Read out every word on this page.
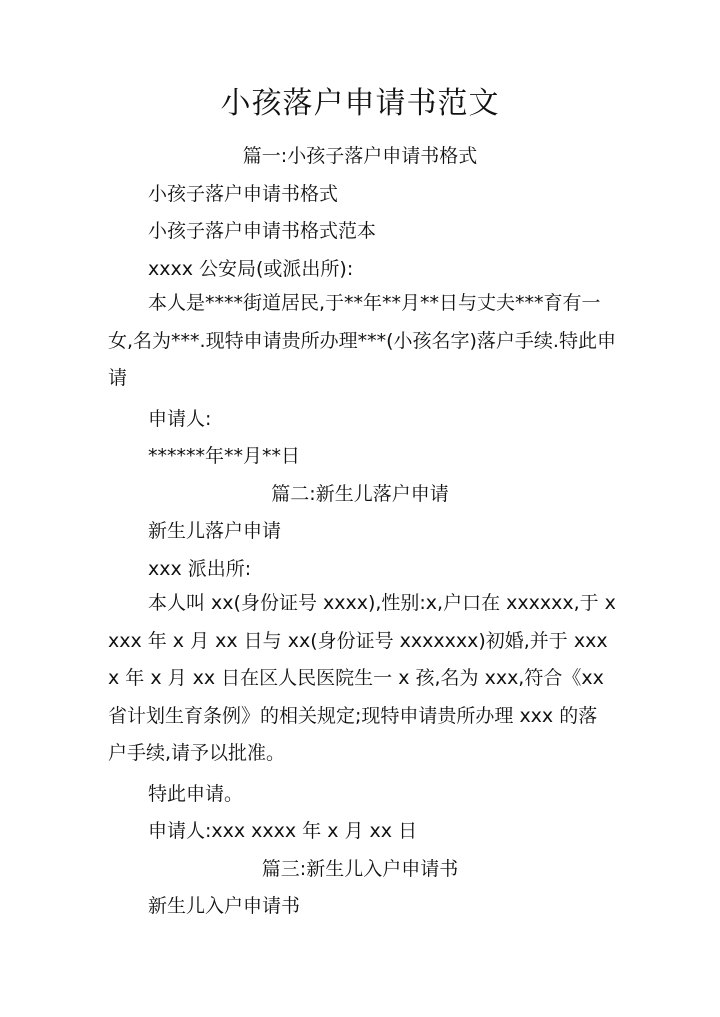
小孩落户申请书范文
篇一:小孩子落户申请书格式
小孩子落户申请书格式
小孩子落户申请书格式范本
xxxx 公安局(或派出所):
本人是****街道居民,于**年**月**日与丈夫***育有一女,名为***.现特申请贵所办理***(小孩名字)落户手续.特此申请
申请人:
******年**月**日
篇二:新生儿落户申请
新生儿落户申请
xxx 派出所:
本人叫 xx(身份证号 xxxx),性别:x,户口在 xxxxxx,于 xxxx 年 x 月 xx 日与 xx(身份证号 xxxxxxx)初婚,并于 xxxx 年 x 月 xx 日在区人民医院生一 x 孩,名为 xxx,符合《xx 省计划生育条例》的相关规定;现特申请贵所办理 xxx 的落户手续,请予以批准。
特此申请。
申请人:xxx xxxx 年 x 月 xx 日
篇三:新生儿入户申请书
新生儿入户申请书
